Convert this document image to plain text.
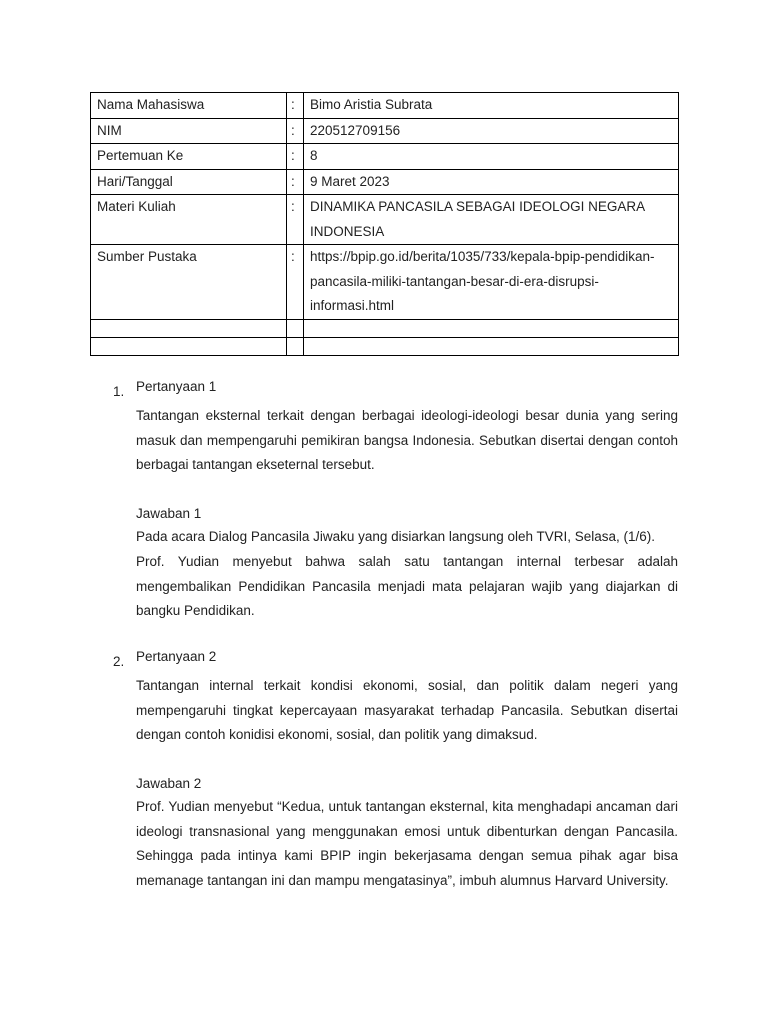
Nama Mahasiswa	:	Bimo Aristia Subrata
NIM	:	220512709156
Pertemuan Ke	:	8
Hari/Tanggal	:	9 Maret 2023
Materi Kuliah	:	DINAMIKA PANCASILA SEBAGAI IDEOLOGI NEGARA INDONESIA
Sumber Pustaka	:	https://bpip.go.id/berita/1035/733/kepala-bpip-pendidikan-pancasila-miliki-tantangan-besar-di-era-disrupsi-informasi.html

1. Pertanyaan 1
Tantangan eksternal terkait dengan berbagai ideologi-ideologi besar dunia yang sering masuk dan mempengaruhi pemikiran bangsa Indonesia. Sebutkan disertai dengan contoh berbagai tantangan ekseternal tersebut.
Jawaban 1
Pada acara Dialog Pancasila Jiwaku yang disiarkan langsung oleh TVRI, Selasa, (1/6).
Prof. Yudian menyebut bahwa salah satu tantangan internal terbesar adalah mengembalikan Pendidikan Pancasila menjadi mata pelajaran wajib yang diajarkan di bangku Pendidikan.
2. Pertanyaan 2
Tantangan internal terkait kondisi ekonomi, sosial, dan politik dalam negeri yang mempengaruhi tingkat kepercayaan masyarakat terhadap Pancasila. Sebutkan disertai dengan contoh konidisi ekonomi, sosial, dan politik yang dimaksud.
Jawaban 2
Prof. Yudian menyebut “Kedua, untuk tantangan eksternal, kita menghadapi ancaman dari ideologi transnasional yang menggunakan emosi untuk dibenturkan dengan Pancasila. Sehingga pada intinya kami BPIP ingin bekerjasama dengan semua pihak agar bisa memanage tantangan ini dan mampu mengatasinya”, imbuh alumnus Harvard University.
